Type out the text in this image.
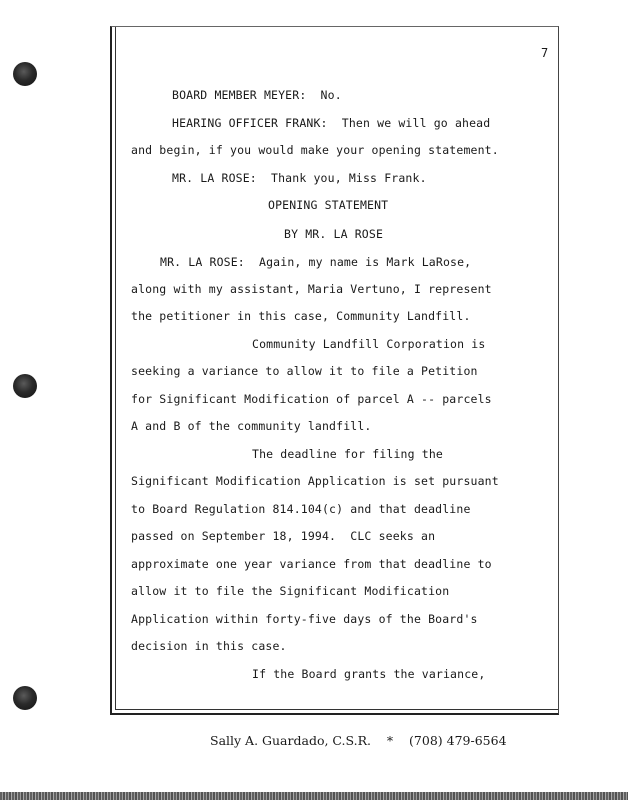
7
BOARD MEMBER MEYER:  No.
HEARING OFFICER FRANK:  Then we will go ahead
and begin, if you would make your opening statement.
MR. LA ROSE:  Thank you, Miss Frank.
OPENING STATEMENT
BY MR. LA ROSE
MR. LA ROSE:  Again, my name is Mark LaRose,
along with my assistant, Maria Vertuno, I represent
the petitioner in this case, Community Landfill.
Community Landfill Corporation is
seeking a variance to allow it to file a Petition
for Significant Modification of parcel A -- parcels
A and B of the community landfill.
The deadline for filing the
Significant Modification Application is set pursuant
to Board Regulation 814.104(c) and that deadline
passed on September 18, 1994.  CLC seeks an
approximate one year variance from that deadline to
allow it to file the Significant Modification
Application within forty-five days of the Board's
decision in this case.
If the Board grants the variance,
Sally A. Guardado, C.S.R. * (708) 479-6564
